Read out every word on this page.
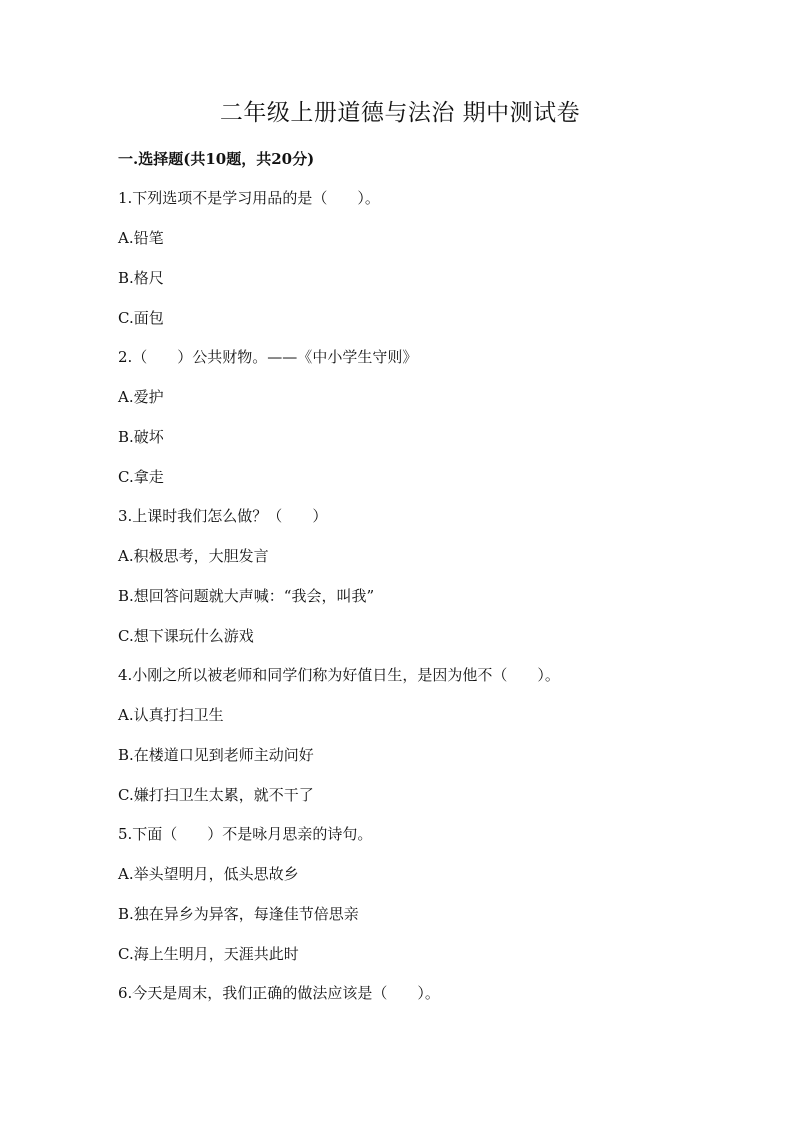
二年级上册道德与法治 期中测试卷
一.选择题(共10题，共20分)
1.下列选项不是学习用品的是（　　）。
A.铅笔
B.格尺
C.面包
2.（　　）公共财物。——《中小学生守则》
A.爱护
B.破坏
C.拿走
3.上课时我们怎么做？（　　）
A.积极思考，大胆发言
B.想回答问题就大声喊：“我会，叫我”
C.想下课玩什么游戏
4.小刚之所以被老师和同学们称为好值日生，是因为他不（　　）。
A.认真打扫卫生
B.在楼道口见到老师主动问好
C.嫌打扫卫生太累，就不干了
5.下面（　　）不是咏月思亲的诗句。
A.举头望明月，低头思故乡
B.独在异乡为异客，每逢佳节倍思亲
C.海上生明月，天涯共此时
6.今天是周末，我们正确的做法应该是（　　）。
